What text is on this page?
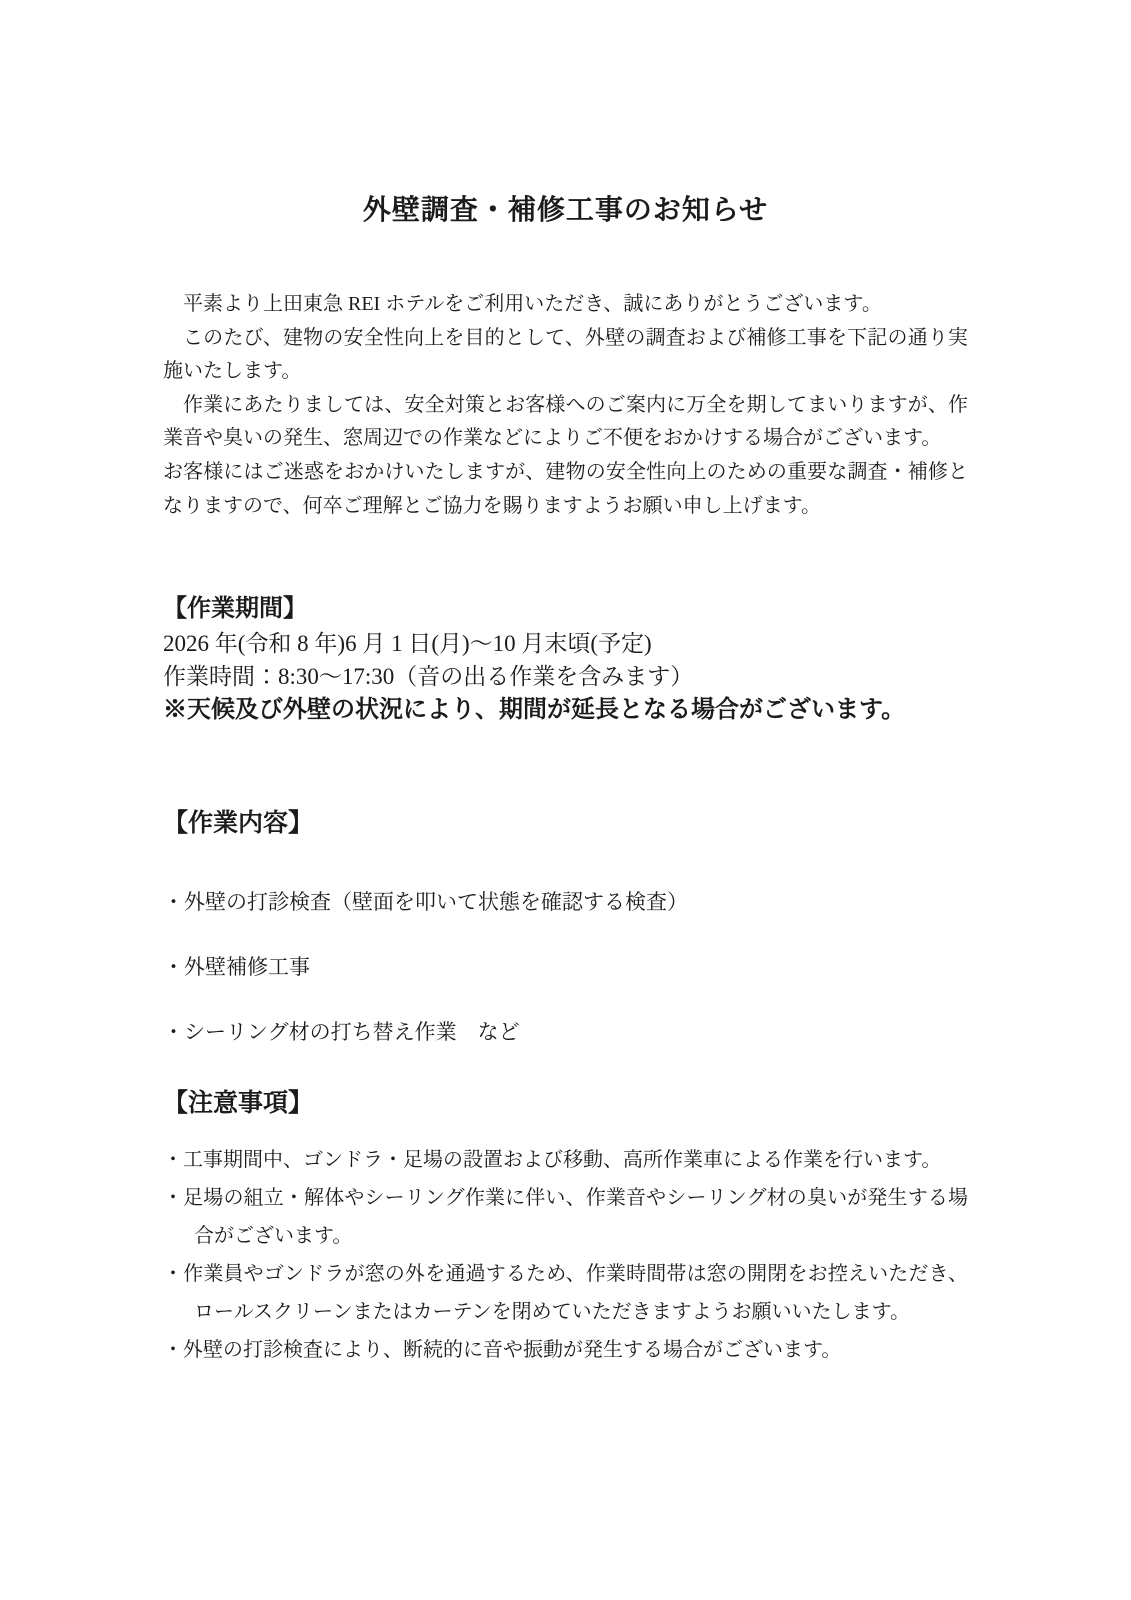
外壁調査・補修工事のお知らせ

平素より上田東急 REI ホテルをご利用いただき、誠にありがとうございます。

このたび、建物の安全性向上を目的として、外壁の調査および補修工事を下記の通り実施いたします。

作業にあたりましては、安全対策とお客様へのご案内に万全を期してまいりますが、作業音や臭いの発生、窓周辺での作業などによりご不便をおかけする場合がございます。

お客様にはご迷惑をおかけいたしますが、建物の安全性向上のための重要な調査・補修となりますので、何卒ご理解とご協力を賜りますようお願い申し上げます。

【作業期間】

2026 年(令和 8 年)6 月 1 日(月)～10 月末頃(予定)

作業時間：8:30～17:30（音の出る作業を含みます）

※天候及び外壁の状況により、期間が延長となる場合がございます。

【作業内容】

・外壁の打診検査（壁面を叩いて状態を確認する検査）

・外壁補修工事

・シーリング材の打ち替え作業　など

【注意事項】

・工事期間中、ゴンドラ・足場の設置および移動、高所作業車による作業を行います。

・足場の組立・解体やシーリング作業に伴い、作業音やシーリング材の臭いが発生する場合がございます。

・作業員やゴンドラが窓の外を通過するため、作業時間帯は窓の開閉をお控えいただき、ロールスクリーンまたはカーテンを閉めていただきますようお願いいたします。

・外壁の打診検査により、断続的に音や振動が発生する場合がございます。
